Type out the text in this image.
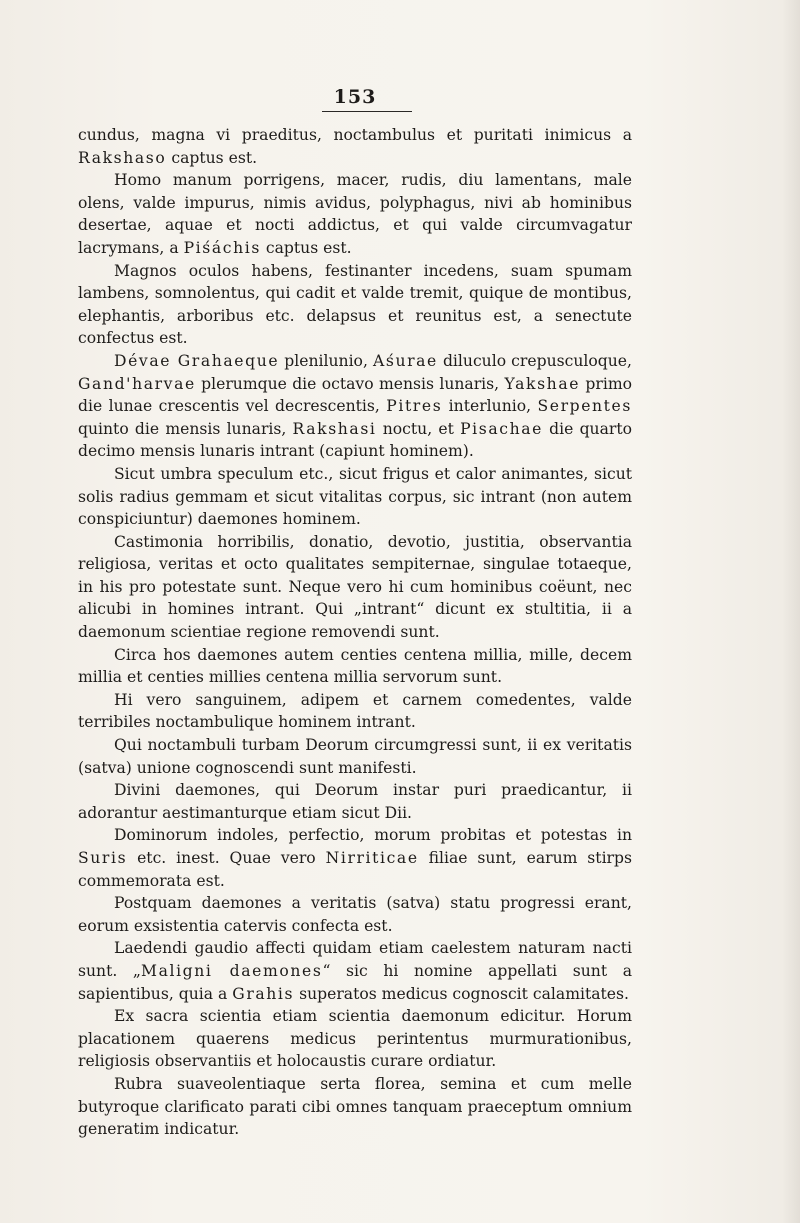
153

cundus, magna vi praeditus, noctambulus et puritati inimicus a Rakshaso captus est.

Homo manum porrigens, macer, rudis, diu lamentans, male olens, valde impurus, nimis avidus, polyphagus, nivi ab hominibus desertae, aquae et nocti addictus, et qui valde circumvagatur lacrymans, a Piśáchis captus est.

Magnos oculos habens, festinanter incedens, suam spumam lambens, somnolentus, qui cadit et valde tremit, quique de montibus, elephantis, arboribus etc. delapsus et reunitus est, a senectute confectus est.

Dévae Grahaeque plenilunio, Aśurae diluculo crepusculoque, Gand'harvae plerumque die octavo mensis lunaris, Yakshae primo die lunae crescentis vel decrescentis, Pitres interlunio, Serpentes quinto die mensis lunaris, Rakshasi noctu, et Pisachae die quarto decimo mensis lunaris intrant (capiunt hominem).

Sicut umbra speculum etc., sicut frigus et calor animantes, sicut solis radius gemmam et sicut vitalitas corpus, sic intrant (non autem conspiciuntur) daemones hominem.

Castimonia horribilis, donatio, devotio, justitia, observantia religiosa, veritas et octo qualitates sempiternae, singulae totaeque, in his pro potestate sunt. Neque vero hi cum hominibus coëunt, nec alicubi in homines intrant. Qui „intrant“ dicunt ex stultitia, ii a daemonum scientiae regione removendi sunt.

Circa hos daemones autem centies centena millia, mille, decem millia et centies millies centena millia servorum sunt.

Hi vero sanguinem, adipem et carnem comedentes, valde terribiles noctambulique hominem intrant.

Qui noctambuli turbam Deorum circumgressi sunt, ii ex veritatis (satva) unione cognoscendi sunt manifesti.

Divini daemones, qui Deorum instar puri praedicantur, ii adorantur aestimanturque etiam sicut Dii.

Dominorum indoles, perfectio, morum probitas et potestas in Suris etc. inest. Quae vero Nirriticae filiae sunt, earum stirps commemorata est.

Postquam daemones a veritatis (satva) statu progressi erant, eorum exsistentia catervis confecta est.

Laedendi gaudio affecti quidam etiam caelestem naturam nacti sunt. „Maligni daemones“ sic hi nomine appellati sunt a sapientibus, quia a Grahis superatos medicus cognoscit calamitates.

Ex sacra scientia etiam scientia daemonum edicitur. Horum placationem quaerens medicus perintentus murmurationibus, religiosis observantiis et holocaustis curare ordiatur.

Rubra suaveolentiaque serta florea, semina et cum melle butyroque clarificato parati cibi omnes tanquam praeceptum omnium generatim indicatur.
